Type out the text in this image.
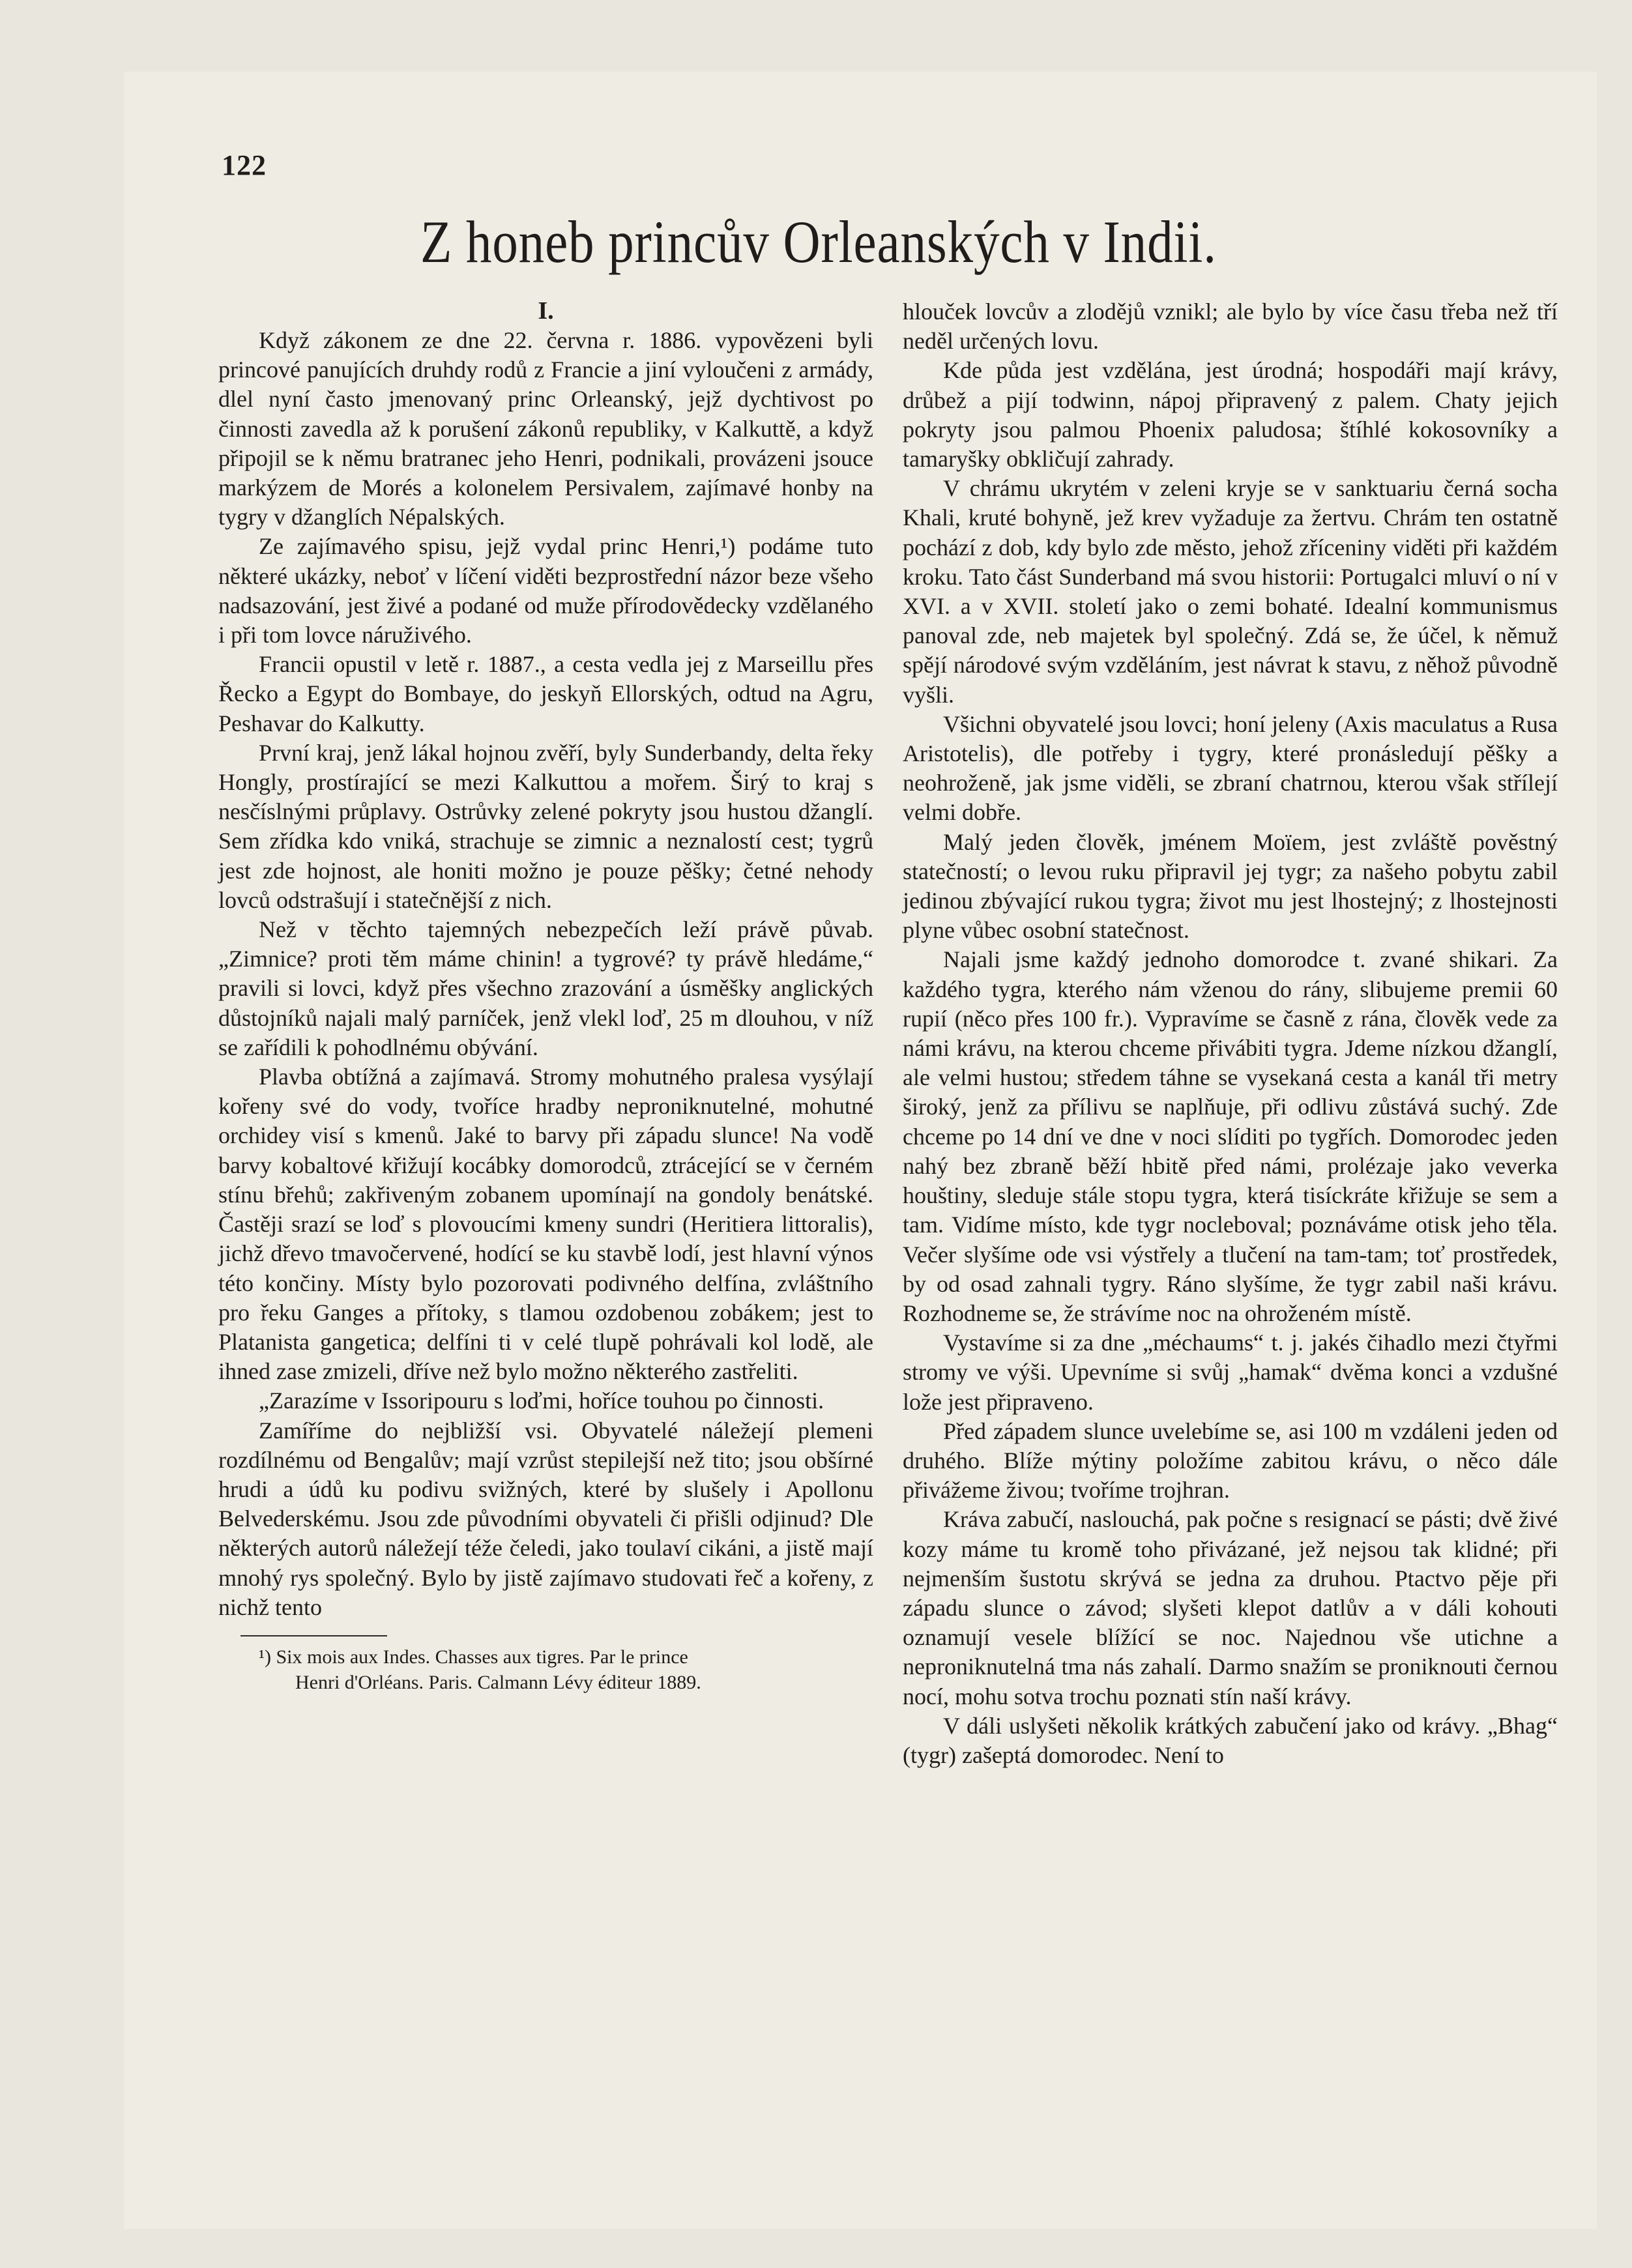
122
Z honeb princův Orleanských v Indii.
I.

Když zákonem ze dne 22. června r. 1886. vypovězeni byli princové panujících druhdy rodů z Francie a jiní vyloučeni z armády, dlel nyní často jmenovaný princ Orleanský, jejž dychtivost po činnosti zavedla až k porušení zákonů republiky, v Kalkuttě, a když připojil se k němu bratranec jeho Henri, podnikali, provázeni jsouce markýzem de Morés a kolonelem Persivalem, zajímavé honby na tygry v džanglích Népalských.

Ze zajímavého spisu, jejž vydal princ Henri,¹) podáme tuto některé ukázky, neboť v líčení viděti bezprostřední názor beze všeho nadsazování, jest živé a podané od muže přírodovědecky vzdělaného i při tom lovce náruživého.

Francii opustil v letě r. 1887., a cesta vedla jej z Marseillu přes Řecko a Egypt do Bombaye, do jeskyň Ellorských, odtud na Agru, Peshavar do Kalkutty.

První kraj, jenž lákal hojnou zvěří, byly Sunderbandy, delta řeky Hongly, prostírající se mezi Kalkuttou a mořem. Širý to kraj s nesčíslnými průplavy. Ostrůvky zelené pokryty jsou hustou džanglí. Sem zřídka kdo vniká, strachuje se zimnic a neznalostí cest; tygrů jest zde hojnost, ale honiti možno je pouze pěšky; četné nehody lovců odstrašují i statečnější z nich.

Než v těchto tajemných nebezpečích leží právě půvab. „Zimnice? proti těm máme chinin! a tygrové? ty právě hledáme,“ pravili si lovci, když přes všechno zrazování a úsměšky anglických důstojníků najali malý parníček, jenž vlekl loď, 25 m dlouhou, v níž se zařídili k pohodlnému obývání.

Plavba obtížná a zajímavá. Stromy mohutného pralesa vysýlají kořeny své do vody, tvoříce hradby neproniknutelné, mohutné orchidey visí s kmenů. Jaké to barvy při západu slunce! Na vodě barvy kobaltové křižují kocábky domorodců, ztrácející se v černém stínu břehů; zakřiveným zobanem upomínají na gondoly benátské. Častěji srazí se loď s plovoucími kmeny sundri (Heritiera littoralis), jichž dřevo tmavočervené, hodící se ku stavbě lodí, jest hlavní výnos této končiny. Místy bylo pozorovati podivného delfína, zvláštního pro řeku Ganges a přítoky, s tlamou ozdobenou zobákem; jest to Platanista gangetica; delfíni ti v celé tlupě pohrávali kol lodě, ale ihned zase zmizeli, dříve než bylo možno některého zastřeliti.

„Zarazíme v Issoripouru s loďmi, hoříce touhou po činnosti.

Zamíříme do nejbližší vsi. Obyvatelé náležejí plemeni rozdílnému od Bengalův; mají vzrůst stepilejší než tito; jsou obšírné hrudi a údů ku podivu svižných, které by slušely i Apollonu Belvederskému. Jsou zde původními obyvateli či přišli odjinud? Dle některých autorů náležejí téže čeledi, jako toulaví cikáni, a jistě mají mnohý rys společný. Bylo by jistě zajímavo studovati řeč a kořeny, z nichž tento

¹) Six mois aux Indes. Chasses aux tigres. Par le prince
Henri d'Orléans. Paris. Calmann Lévy éditeur 1889.

hlouček lovcův a zlodějů vznikl; ale bylo by více času třeba než tří neděl určených lovu.

Kde půda jest vzdělána, jest úrodná; hospodáři mají krávy, drůbež a pijí todwinn, nápoj připravený z palem. Chaty jejich pokryty jsou palmou Phoenix paludosa; štíhlé kokosovníky a tamaryšky obkličují zahrady.

V chrámu ukrytém v zeleni kryje se v sanktuariu černá socha Khali, kruté bohyně, jež krev vyžaduje za žertvu. Chrám ten ostatně pochází z dob, kdy bylo zde město, jehož zříceniny viděti při každém kroku. Tato část Sunderband má svou historii: Portugalci mluví o ní v XVI. a v XVII. století jako o zemi bohaté. Idealní kommunismus panoval zde, neb majetek byl společný. Zdá se, že účel, k němuž spějí národové svým vzděláním, jest návrat k stavu, z něhož původně vyšli.

Všichni obyvatelé jsou lovci; honí jeleny (Axis maculatus a Rusa Aristotelis), dle potřeby i tygry, které pronásledují pěšky a neohroženě, jak jsme viděli, se zbraní chatrnou, kterou však střílejí velmi dobře.

Malý jeden člověk, jménem Moïem, jest zvláště pověstný statečností; o levou ruku připravil jej tygr; za našeho pobytu zabil jedinou zbývající rukou tygra; život mu jest lhostejný; z lhostejnosti plyne vůbec osobní statečnost.

Najali jsme každý jednoho domorodce t. zvané shikari. Za každého tygra, kterého nám vženou do rány, slibujeme premii 60 rupií (něco přes 100 fr.). Vypravíme se časně z rána, člověk vede za námi krávu, na kterou chceme přivábiti tygra. Jdeme nízkou džanglí, ale velmi hustou; středem táhne se vysekaná cesta a kanál tři metry široký, jenž za přílivu se naplňuje, při odlivu zůstává suchý. Zde chceme po 14 dní ve dne v noci slíditi po tygřích. Domorodec jeden nahý bez zbraně běží hbitě před námi, prolézaje jako veverka houštiny, sleduje stále stopu tygra, která tisíckráte křižuje se sem a tam. Vidíme místo, kde tygr nocleboval; poznáváme otisk jeho těla. Večer slyšíme ode vsi výstřely a tlučení na tam-tam; toť prostředek, by od osad zahnali tygry. Ráno slyšíme, že tygr zabil naši krávu. Rozhodneme se, že strávíme noc na ohroženém místě.

Vystavíme si za dne „méchaums“ t. j. jakés čihadlo mezi čtyřmi stromy ve výši. Upevníme si svůj „hamak“ dvěma konci a vzdušné lože jest připraveno.

Před západem slunce uvelebíme se, asi 100 m vzdáleni jeden od druhého. Blíže mýtiny položíme zabitou krávu, o něco dále přivážeme živou; tvoříme trojhran.

Kráva zabučí, naslouchá, pak počne s resignací se pásti; dvě živé kozy máme tu kromě toho přivázané, jež nejsou tak klidné; při nejmenším šustotu skrývá se jedna za druhou. Ptactvo pěje při západu slunce o závod; slyšeti klepot datlův a v dáli kohouti oznamují vesele blížící se noc. Najednou vše utichne a neproniknutelná tma nás zahalí. Darmo snažím se proniknouti černou nocí, mohu sotva trochu poznati stín naší krávy.

V dáli uslyšeti několik krátkých zabučení jako od krávy. „Bhag“ (tygr) zašeptá domorodec. Není to
